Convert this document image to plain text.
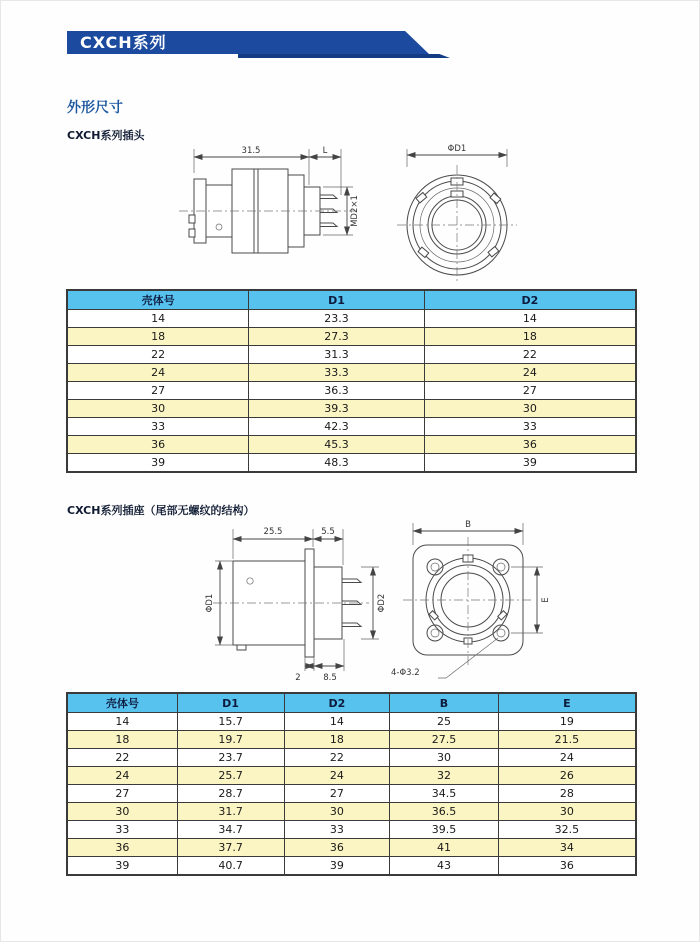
CXCH系列
外形尺寸
CXCH系列插头
31.5	L
MD2×1
ΦD1
壳体号	D1	D2
14	23.3	14
18	27.3	18
22	31.3	22
24	33.3	24
27	36.3	27
30	39.3	30
33	42.3	33
36	45.3	36
39	48.3	39
CXCH系列插座（尾部无螺纹的结构）
25.5	5.5
ΦD1	ΦD2
2	8.5
B
E
4-Φ3.2
壳体号	D1	D2	B	E
14	15.7	14	25	19
18	19.7	18	27.5	21.5
22	23.7	22	30	24
24	25.7	24	32	26
27	28.7	27	34.5	28
30	31.7	30	36.5	30
33	34.7	33	39.5	32.5
36	37.7	36	41	34
39	40.7	39	43	36
